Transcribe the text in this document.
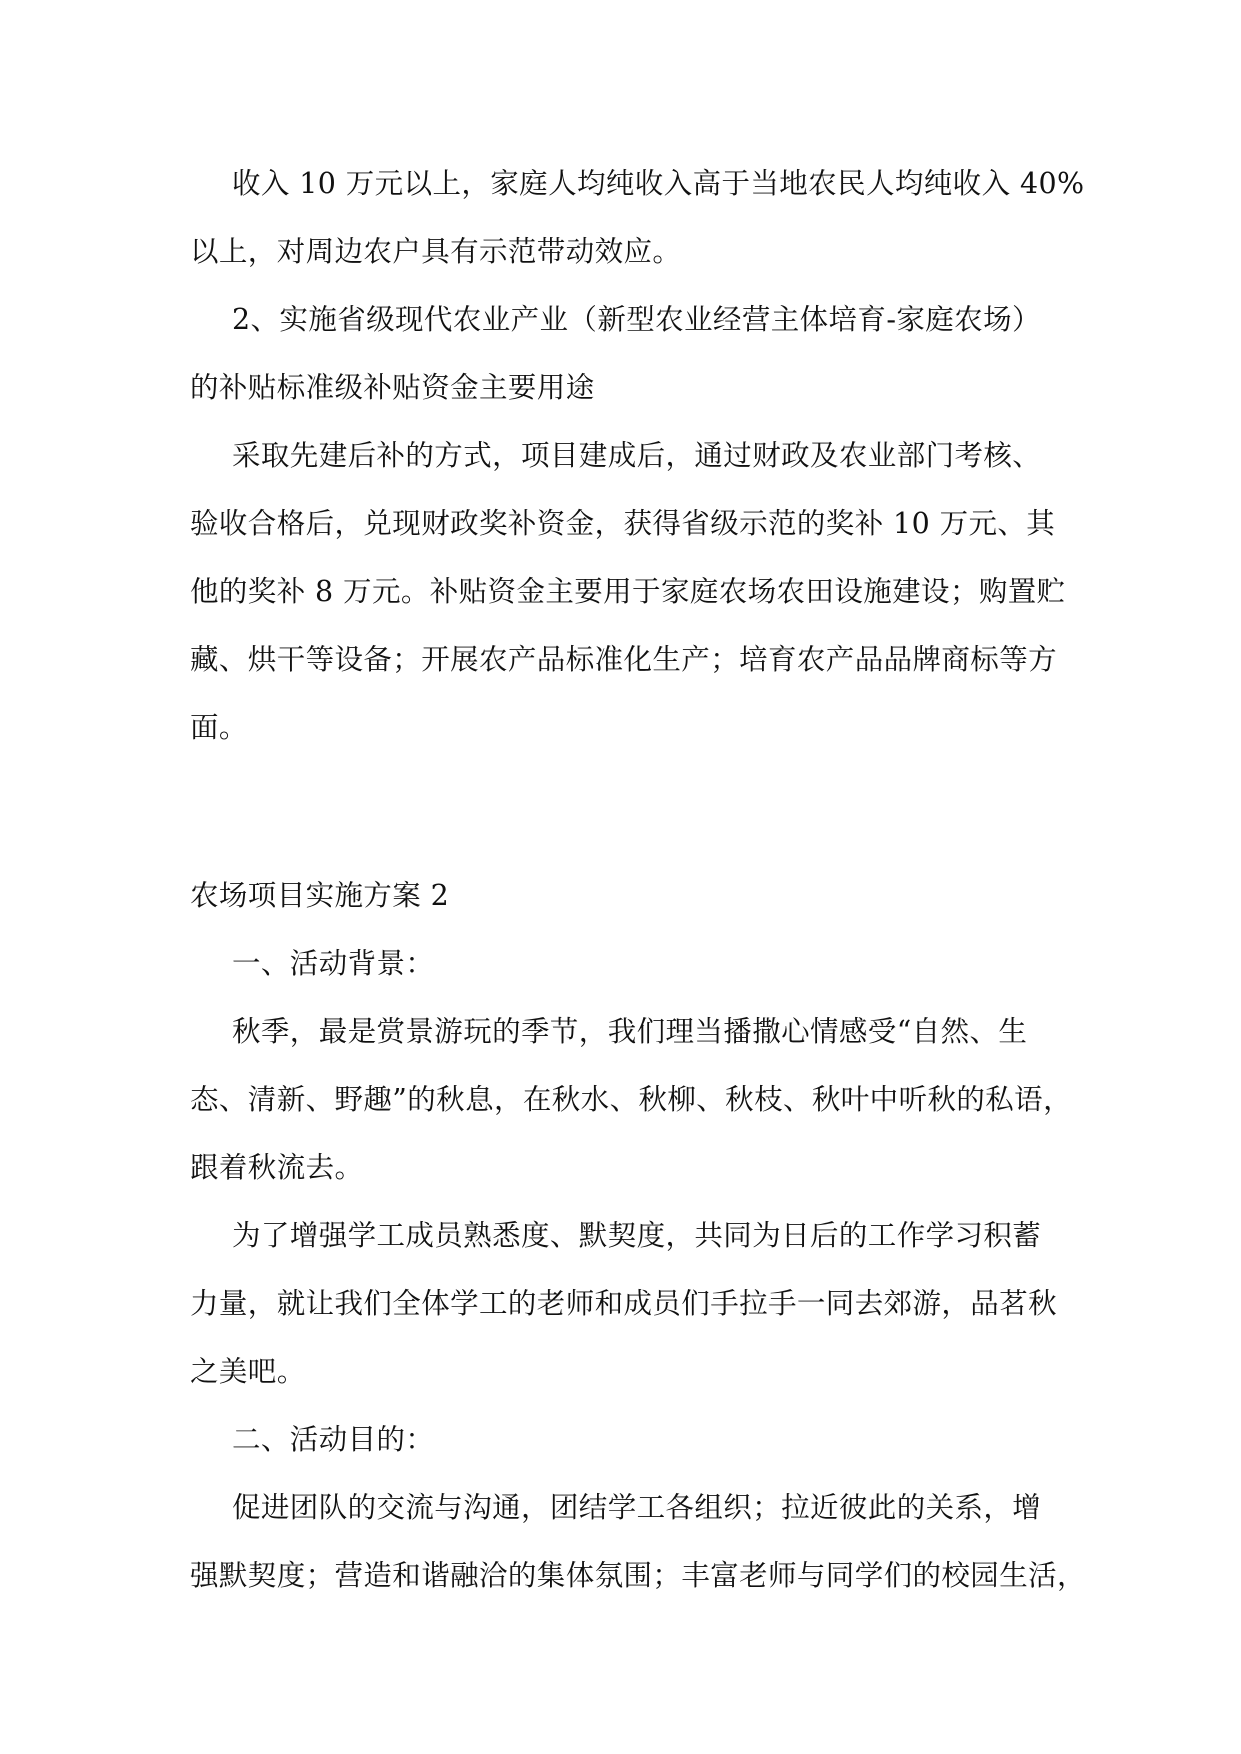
收入 10 万元以上，家庭人均纯收入高于当地农民人均纯收入 40%
以上，对周边农户具有示范带动效应。

2、实施省级现代农业产业（新型农业经营主体培育-家庭农场）
的补贴标准级补贴资金主要用途

采取先建后补的方式，项目建成后，通过财政及农业部门考核、
验收合格后，兑现财政奖补资金，获得省级示范的奖补 10 万元、其
他的奖补 8 万元。补贴资金主要用于家庭农场农田设施建设；购置贮
藏、烘干等设备；开展农产品标准化生产；培育农产品品牌商标等方
面。

农场项目实施方案 2

一、活动背景：

秋季，最是赏景游玩的季节，我们理当播撒心情感受“自然、生
态、清新、野趣”的秋息，在秋水、秋柳、秋枝、秋叶中听秋的私语，
跟着秋流去。

为了增强学工成员熟悉度、默契度，共同为日后的工作学习积蓄
力量，就让我们全体学工的老师和成员们手拉手一同去郊游，品茗秋
之美吧。

二、活动目的：

促进团队的交流与沟通，团结学工各组织；拉近彼此的关系，增
强默契度；营造和谐融洽的集体氛围；丰富老师与同学们的校园生活，
